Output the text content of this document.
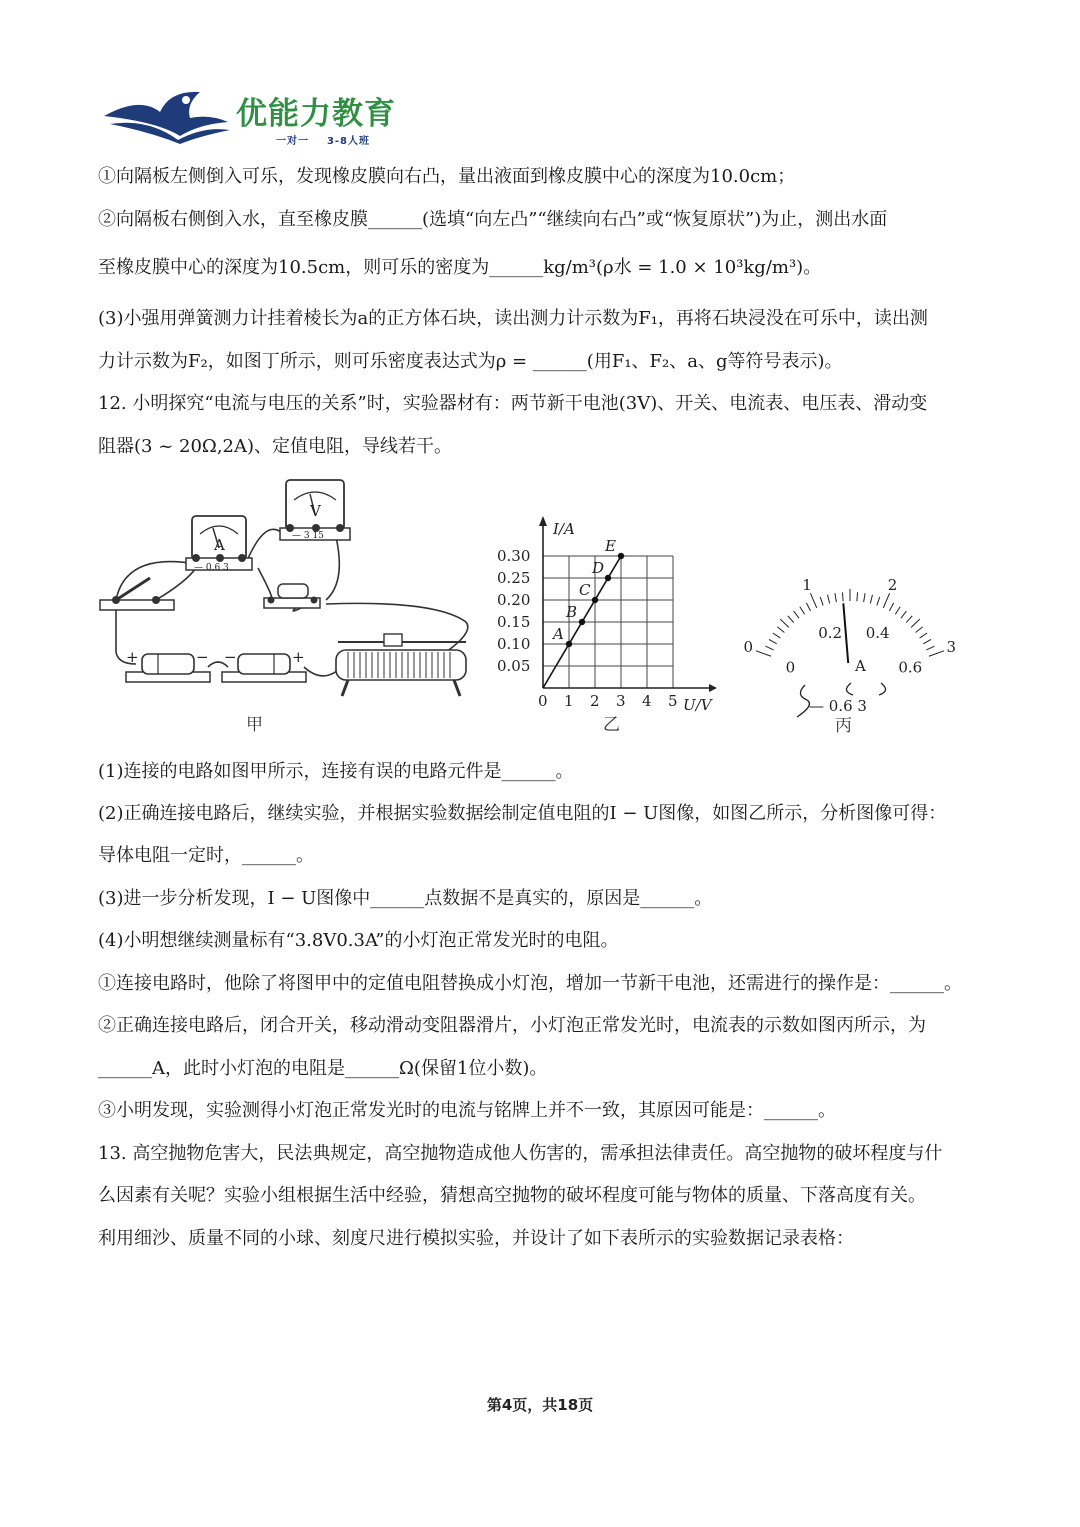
优能力教育
一对一 3-8人班
①向隔板左侧倒入可乐，发现橡皮膜向右凸，量出液面到橡皮膜中心的深度为10.0cm；
②向隔板右侧倒入水，直至橡皮膜______(选填“向左凸”“继续向右凸”或“恢复原状”)为止，测出水面
至橡皮膜中心的深度为10.5cm，则可乐的密度为______kg/m³(ρ水 = 1.0 × 10³kg/m³)。
(3)小强用弹簧测力计挂着棱长为a的正方体石块，读出测力计示数为F₁，再将石块浸没在可乐中，读出测
力计示数为F₂，如图丁所示，则可乐密度表达式为ρ = ______(用F₁、F₂、a、g等符号表示)。
12. 小明探究“电流与电压的关系”时，实验器材有：两节新干电池(3V)、开关、电流表、电压表、滑动变
阻器(3 ~ 20Ω,2A)、定值电阻，导线若干。
A
— 0.6 3
V
— 3 15
+	− −	+
甲
I/A
U/V
0 1 2 3 4 5
0.05
0.10
0.15
0.20
0.25
0.30
A
B
C
D
E
乙
0
1	2
3
0
0.2 0.4
0.6
A
— 0.6 3
丙
(1)连接的电路如图甲所示，连接有误的电路元件是______。
(2)正确连接电路后，继续实验，并根据实验数据绘制定值电阻的I − U图像，如图乙所示，分析图像可得：
导体电阻一定时，______。
(3)进一步分析发现，I − U图像中______点数据不是真实的，原因是______。
(4)小明想继续测量标有“3.8V0.3A”的小灯泡正常发光时的电阻。
①连接电路时，他除了将图甲中的定值电阻替换成小灯泡，增加一节新干电池，还需进行的操作是：______。
②正确连接电路后，闭合开关，移动滑动变阻器滑片，小灯泡正常发光时，电流表的示数如图丙所示，为
______A，此时小灯泡的电阻是______Ω(保留1位小数)。
③小明发现，实验测得小灯泡正常发光时的电流与铭牌上并不一致，其原因可能是：______。
13. 高空抛物危害大，民法典规定，高空抛物造成他人伤害的，需承担法律责任。高空抛物的破坏程度与什
么因素有关呢？实验小组根据生活中经验，猜想高空抛物的破坏程度可能与物体的质量、下落高度有关。
利用细沙、质量不同的小球、刻度尺进行模拟实验，并设计了如下表所示的实验数据记录表格：
第4页，共18页
